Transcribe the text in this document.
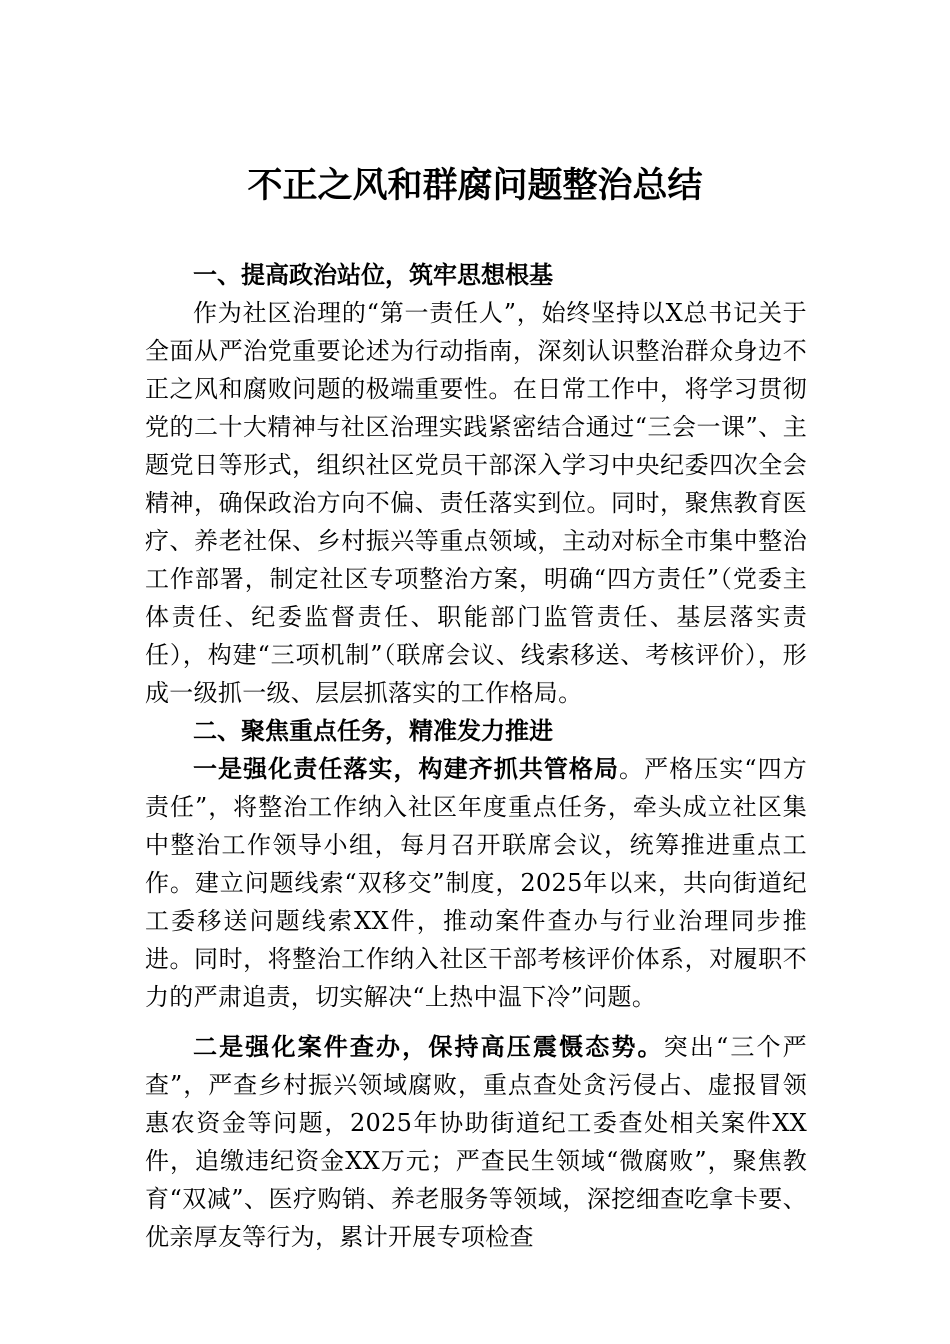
不正之风和群腐问题整治总结

一、提高政治站位，筑牢思想根基

作为社区治理的“第一责任人”，始终坚持以X总书记关于全面从严治党重要论述为行动指南，深刻认识整治群众身边不正之风和腐败问题的极端重要性。在日常工作中，将学习贯彻党的二十大精神与社区治理实践紧密结合通过“三会一课”、主题党日等形式，组织社区党员干部深入学习中央纪委四次全会精神，确保政治方向不偏、责任落实到位。同时，聚焦教育医疗、养老社保、乡村振兴等重点领域，主动对标全市集中整治工作部署，制定社区专项整治方案，明确“四方责任”（党委主体责任、纪委监督责任、职能部门监管责任、基层落实责任），构建“三项机制”（联席会议、线索移送、考核评价），形成一级抓一级、层层抓落实的工作格局。

二、聚焦重点任务，精准发力推进

一是强化责任落实，构建齐抓共管格局。严格压实“四方责任”，将整治工作纳入社区年度重点任务，牵头成立社区集中整治工作领导小组，每月召开联席会议，统筹推进重点工作。建立问题线索“双移交”制度，2025年以来，共向街道纪工委移送问题线索XX件，推动案件查办与行业治理同步推进。同时，将整治工作纳入社区干部考核评价体系，对履职不力的严肃追责，切实解决“上热中温下冷”问题。

二是强化案件查办，保持高压震慑态势。突出“三个严查”，严查乡村振兴领域腐败，重点查处贪污侵占、虚报冒领惠农资金等问题，2025年协助街道纪工委查处相关案件XX件，追缴违纪资金XX万元；严查民生领域“微腐败”，聚焦教育“双减”、医疗购销、养老服务等领域，深挖细查吃拿卡要、优亲厚友等行为，累计开展专项检查
